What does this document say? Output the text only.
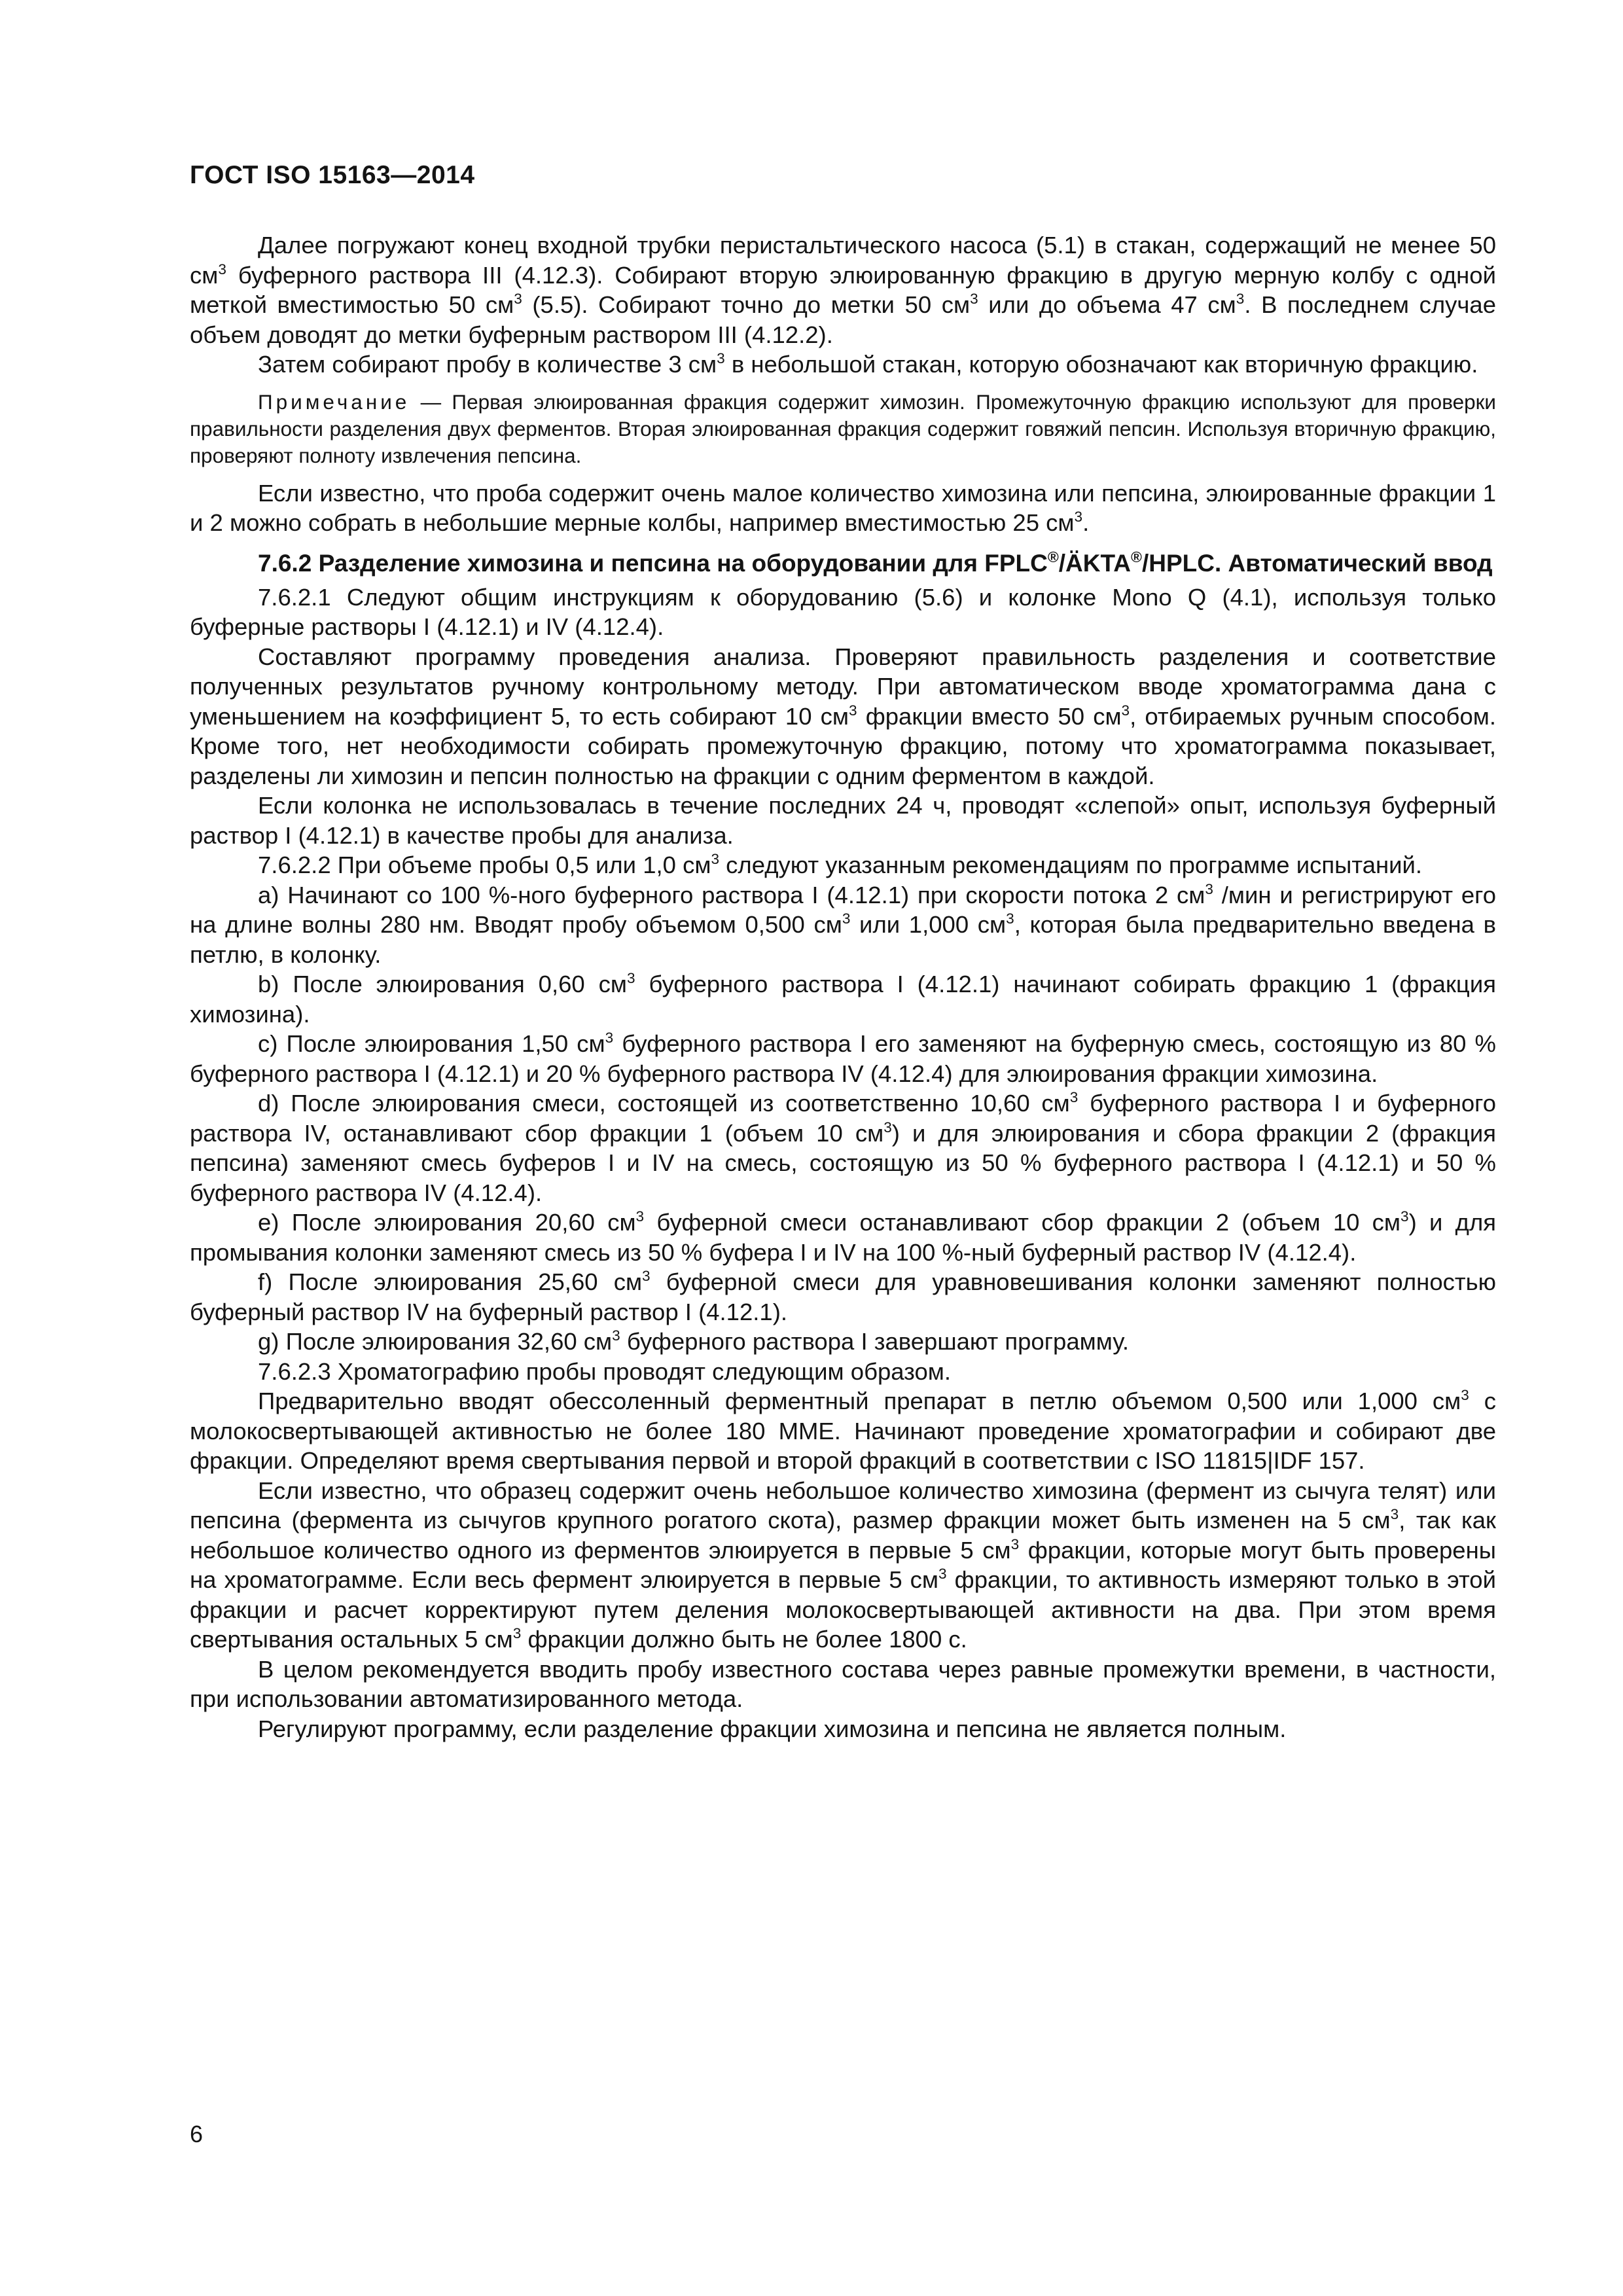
ГОСТ ISO 15163—2014
Далее погружают конец входной трубки перистальтического насоса (5.1) в стакан, содержащий не менее 50 $см^3$ буферного раствора III (4.12.3). Собирают вторую элюированную фракцию в другую мерную колбу с одной меткой вместимостью 50 $см^3$ (5.5). Собирают точно до метки 50 $см^3$ или до объема 47 $см^3$. В последнем случае объем доводят до метки буферным раствором III (4.12.2).
Затем собирают пробу в количестве 3 $см^3$ в небольшой стакан, которую обозначают как вторичную фракцию.
Примечание — Первая элюированная фракция содержит химозин. Промежуточную фракцию используют для проверки правильности разделения двух ферментов. Вторая элюированная фракция содержит говяжий пепсин. Используя вторичную фракцию, проверяют полноту извлечения пепсина.
Если известно, что проба содержит очень малое количество химозина или пепсина, элюированные фракции 1 и 2 можно собрать в небольшие мерные колбы, например вместимостью 25 $см^3$.
7.6.2 Разделение химозина и пепсина на оборудовании для FPLC®/ÄKTA®/HPLC. Автоматический ввод
7.6.2.1 Следуют общим инструкциям к оборудованию (5.6) и колонке Mono Q (4.1), используя только буферные растворы I (4.12.1) и IV (4.12.4).
Составляют программу проведения анализа. Проверяют правильность разделения и соответствие полученных результатов ручному контрольному методу. При автоматическом вводе хроматограмма дана с уменьшением на коэффициент 5, то есть собирают 10 $см^3$ фракции вместо 50 $см^3$, отбираемых ручным способом. Кроме того, нет необходимости собирать промежуточную фракцию, потому что хроматограмма показывает, разделены ли химозин и пепсин полностью на фракции с одним ферментом в каждой.
Если колонка не использовалась в течение последних 24 ч, проводят «слепой» опыт, используя буферный раствор I (4.12.1) в качестве пробы для анализа.
7.6.2.2 При объеме пробы 0,5 или 1,0 $см^3$ следуют указанным рекомендациям по программе испытаний.
a) Начинают со 100 %-ного буферного раствора I (4.12.1) при скорости потока 2 $см^3$ /мин и регистрируют его на длине волны 280 нм. Вводят пробу объемом 0,500 $см^3$ или 1,000 $см^3$, которая была предварительно введена в петлю, в колонку.
b) После элюирования 0,60 $см^3$ буферного раствора I (4.12.1) начинают собирать фракцию 1 (фракция химозина).
c) После элюирования 1,50 $см^3$ буферного раствора I его заменяют на буферную смесь, состоящую из 80 % буферного раствора I (4.12.1) и 20 % буферного раствора IV (4.12.4) для элюирования фракции химозина.
d) После элюирования смеси, состоящей из соответственно 10,60 $см^3$ буферного раствора I и буферного раствора IV, останавливают сбор фракции 1 (объем 10 $см^3$) и для элюирования и сбора фракции 2 (фракция пепсина) заменяют смесь буферов I и IV на смесь, состоящую из 50 % буферного раствора I (4.12.1) и 50 % буферного раствора IV (4.12.4).
e) После элюирования 20,60 $см^3$ буферной смеси останавливают сбор фракции 2 (объем 10 $см^3$) и для промывания колонки заменяют смесь из 50 % буфера I и IV на 100 %-ный буферный раствор IV (4.12.4).
f) После элюирования 25,60 $см^3$ буферной смеси для уравновешивания колонки заменяют полностью буферный раствор IV на буферный раствор I (4.12.1).
g) После элюирования 32,60 $см^3$ буферного раствора I завершают программу.
7.6.2.3 Хроматографию пробы проводят следующим образом.
Предварительно вводят обессоленный ферментный препарат в петлю объемом 0,500 или 1,000 $см^3$ с молокосвертывающей активностью не более 180 MME. Начинают проведение хроматографии и собирают две фракции. Определяют время свертывания первой и второй фракций в соответствии с ISO 11815|IDF 157.
Если известно, что образец содержит очень небольшое количество химозина (фермент из сычуга телят) или пепсина (фермента из сычугов крупного рогатого скота), размер фракции может быть изменен на 5 $см^3$, так как небольшое количество одного из ферментов элюируется в первые 5 $см^3$ фракции, которые могут быть проверены на хроматограмме. Если весь фермент элюируется в первые 5 $см^3$ фракции, то активность измеряют только в этой фракции и расчет корректируют путем деления молокосвертывающей активности на два. При этом время свертывания остальных 5 $см^3$ фракции должно быть не более 1800 с.
В целом рекомендуется вводить пробу известного состава через равные промежутки времени, в частности, при использовании автоматизированного метода.
Регулируют программу, если разделение фракции химозина и пепсина не является полным.
6
